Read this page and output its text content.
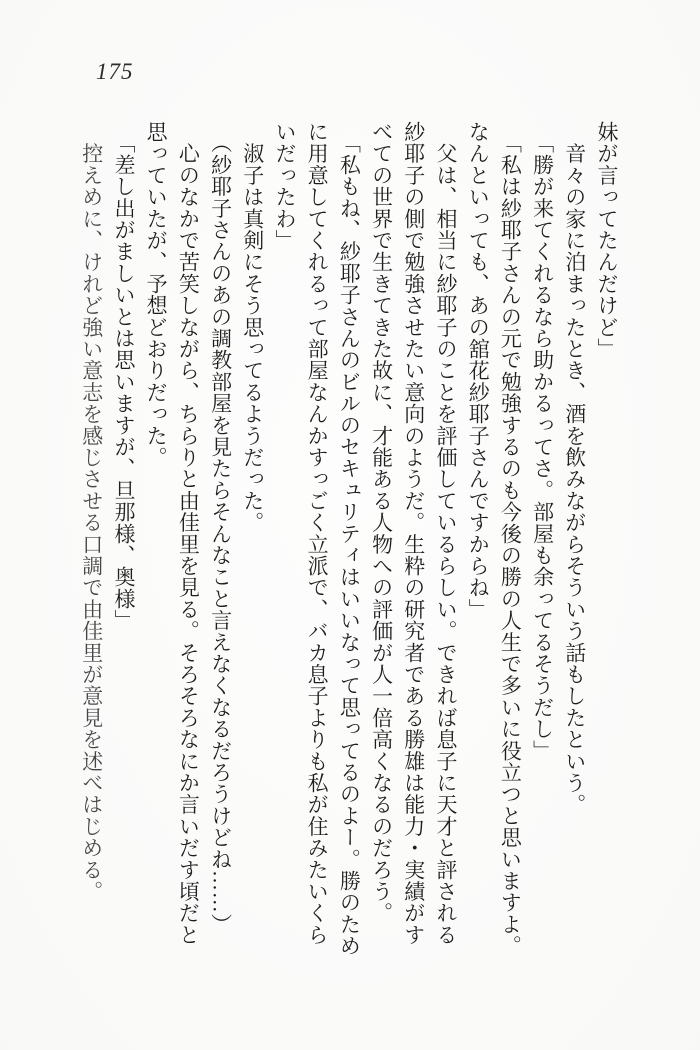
175
妹が言ってたんだけど」
　音々の家に泊まったとき、酒を飲みながらそういう話もしたという。
　「勝が来てくれるなら助かるってさ。部屋も余ってるそうだし」
　「私は紗耶子さんの元で勉強するのも今後の勝の人生で多いに役立つと思いますよ。
なんといっても、あの舘花紗耶子さんですからね」
　父は、相当に紗耶子のことを評価しているらしい。できれば息子に天才と評される
紗耶子の側で勉強させたい意向のようだ。生粋の研究者である勝雄は能力・実績がす
べての世界で生きてきた故に、才能ある人物への評価が人一倍高くなるのだろう。
　「私もね、紗耶子さんのビルのセキュリティはいいなって思ってるのよー。勝のため
に用意してくれるって部屋なんかすっごく立派で、バカ息子よりも私が住みたいくら
いだったわ」
　淑子は真剣にそう思ってるようだった。
　（紗耶子さんのあの調教部屋を見たらそんなこと言えなくなるだろうけどね……）
　心のなかで苦笑しながら、ちらりと由佳里を見る。そろそろなにか言いだす頃だと
思っていたが、予想どおりだった。
　「差し出がましいとは思いますが、旦那様、奥様」
　控えめに、けれど強い意志を感じさせる口調で由佳里が意見を述べはじめる。
